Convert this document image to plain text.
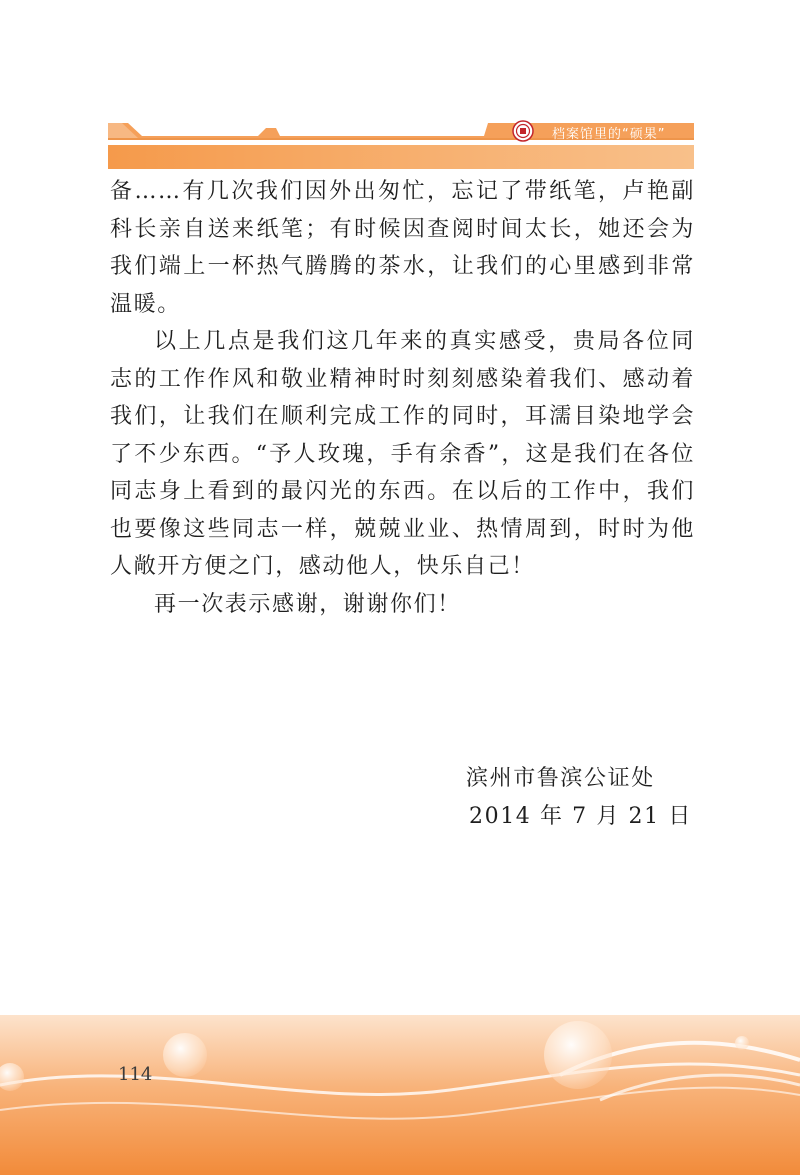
2010-2014	档案馆里的“硕果”

备……有几次我们因外出匆忙，忘记了带纸笔，卢艳副科长亲自送来纸笔；有时候因查阅时间太长，她还会为我们端上一杯热气腾腾的茶水，让我们的心里感到非常温暖。

以上几点是我们这几年来的真实感受，贵局各位同志的工作作风和敬业精神时时刻刻感染着我们、感动着我们，让我们在顺利完成工作的同时，耳濡目染地学会了不少东西。“予人玫瑰，手有余香”，这是我们在各位同志身上看到的最闪光的东西。在以后的工作中，我们也要像这些同志一样，兢兢业业、热情周到，时时为他人敞开方便之门，感动他人，快乐自己！

再一次表示感谢，谢谢你们！

滨州市鲁滨公证处
2014 年 7 月 21 日
114
